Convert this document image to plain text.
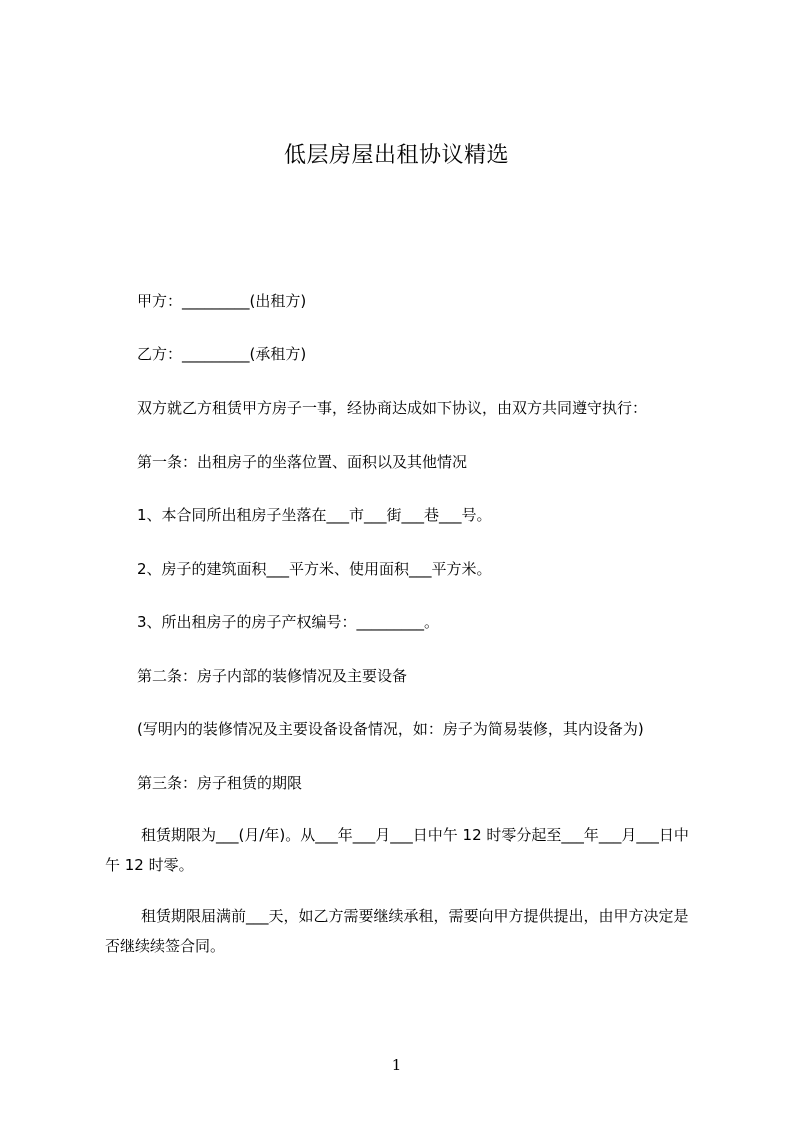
低层房屋出租协议精选
甲方：_________(出租方)
乙方：_________(承租方)
双方就乙方租赁甲方房子一事，经协商达成如下协议，由双方共同遵守执行：
第一条：出租房子的坐落位置、面积以及其他情况
1、本合同所出租房子坐落在___市___街___巷___号。
2、房子的建筑面积___平方米、使用面积___平方米。
3、所出租房子的房子产权编号：_________。
第二条：房子内部的装修情况及主要设备
(写明内的装修情况及主要设备设备情况，如：房子为简易装修，其内设备为)
第三条：房子租赁的期限
租赁期限为___(月/年)。从___年___月___日中午 12 时零分起至___年___月___日中午 12 时零。
租赁期限届满前___天，如乙方需要继续承租，需要向甲方提供提出，由甲方决定是否继续续签合同。
1
